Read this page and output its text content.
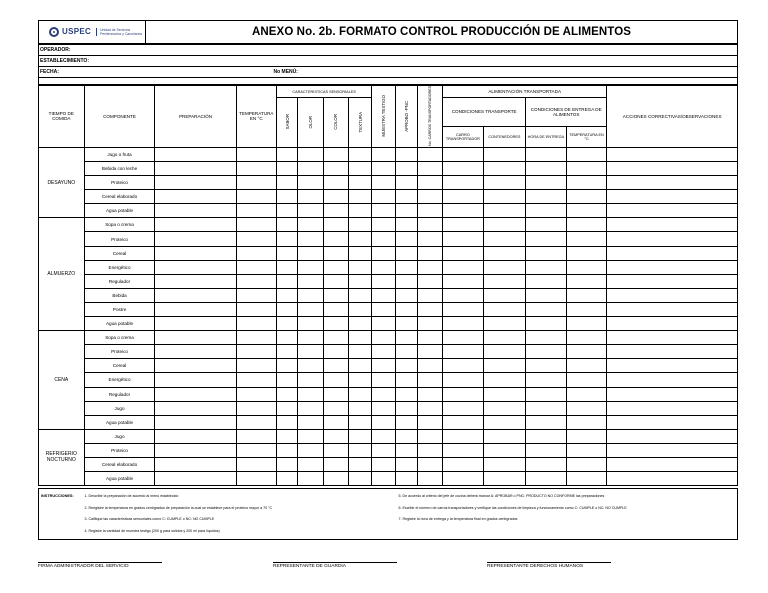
USPEC	Unidad de Servicios
Penitenciarios y Carcelarios	ANEXO No. 2b. FORMATO CONTROL PRODUCCIÓN DE ALIMENTOS
OPERADOR:
ESTABLECIMIENTO:
FECHA:	No MENÚ:

TIEMPO DE COMIDA	COMPONENTE	PREPARACIÓN	TEMPERATURA EN °C	CARACTERISTICAS SENSORIALES				MUESTRA TESTIGO	APROBO -PNC	No. CARROS TRANSPORTADORES	ALIMENTACIÓN TRANSPORTADA				ACCIONES CORRECTIVAS/OBSERVACIONES
				SABOR	OLOR	COLOR	TEXTURA				CONDICIONES TRANSPORTE		CONDICIONES DE ENTREGA DE ALIMENTOS		
											CARRO TRANSPORTADOR	CONTENEDORES	HORA DE ENTREGA	TEMPERATURA EN °C	
DESAYUNO	Jugo o fruta														
	Bebida con leche														
	Proteico														
	Cereal elaborado														
	Agua potable														
ALMUERZO	Sopa o crema														
	Proteico														
	Cereal														
	Energético														
	Regulador														
	Bebida														
	Postre														
	Agua potable														
CENA	Sopa o crema														
	Proteico														
	Cereal														
	Energético														
	Regulador														
	Jugo														
	Agua potable														
REFRIGERIO NOCTURNO	Jugo														
	Proteico														
	Cereal elaborado														
	Agua potable														
INSTRUCCIONES:	1. Describir la preparación de acuerdo al menú establecido
2. Rerigistre la temperatura en grados centígrados de preparación la cual se establece para el proteico mayor a 70 °C
3. Califique las características sensoriales como C: CUMPLE o NC: NO CUMPLE
4. Registre la cantidad de muestra testigo (200 g para sólidos y 200 ml para líquidos)

5. De acuerdo al criterio del jefe de cocina deberá marcar A: APROBAR o PNC: PRODUCTO NO CONFORME las preparaciones
6. Escribir el número de carros transportadores y verifique las condiciones de limpieza y funcionamiento como C: CUMPLE o NC: NO CUMPLE
7. Registre la hora de entrega y la temperatura final en grados centígrados
FIRMA ADMINISTRADOR DEL SERVICIO	REPRESENTANTE DE GUARDIA	REPRESENTANTE DERECHOS HUMANOS
